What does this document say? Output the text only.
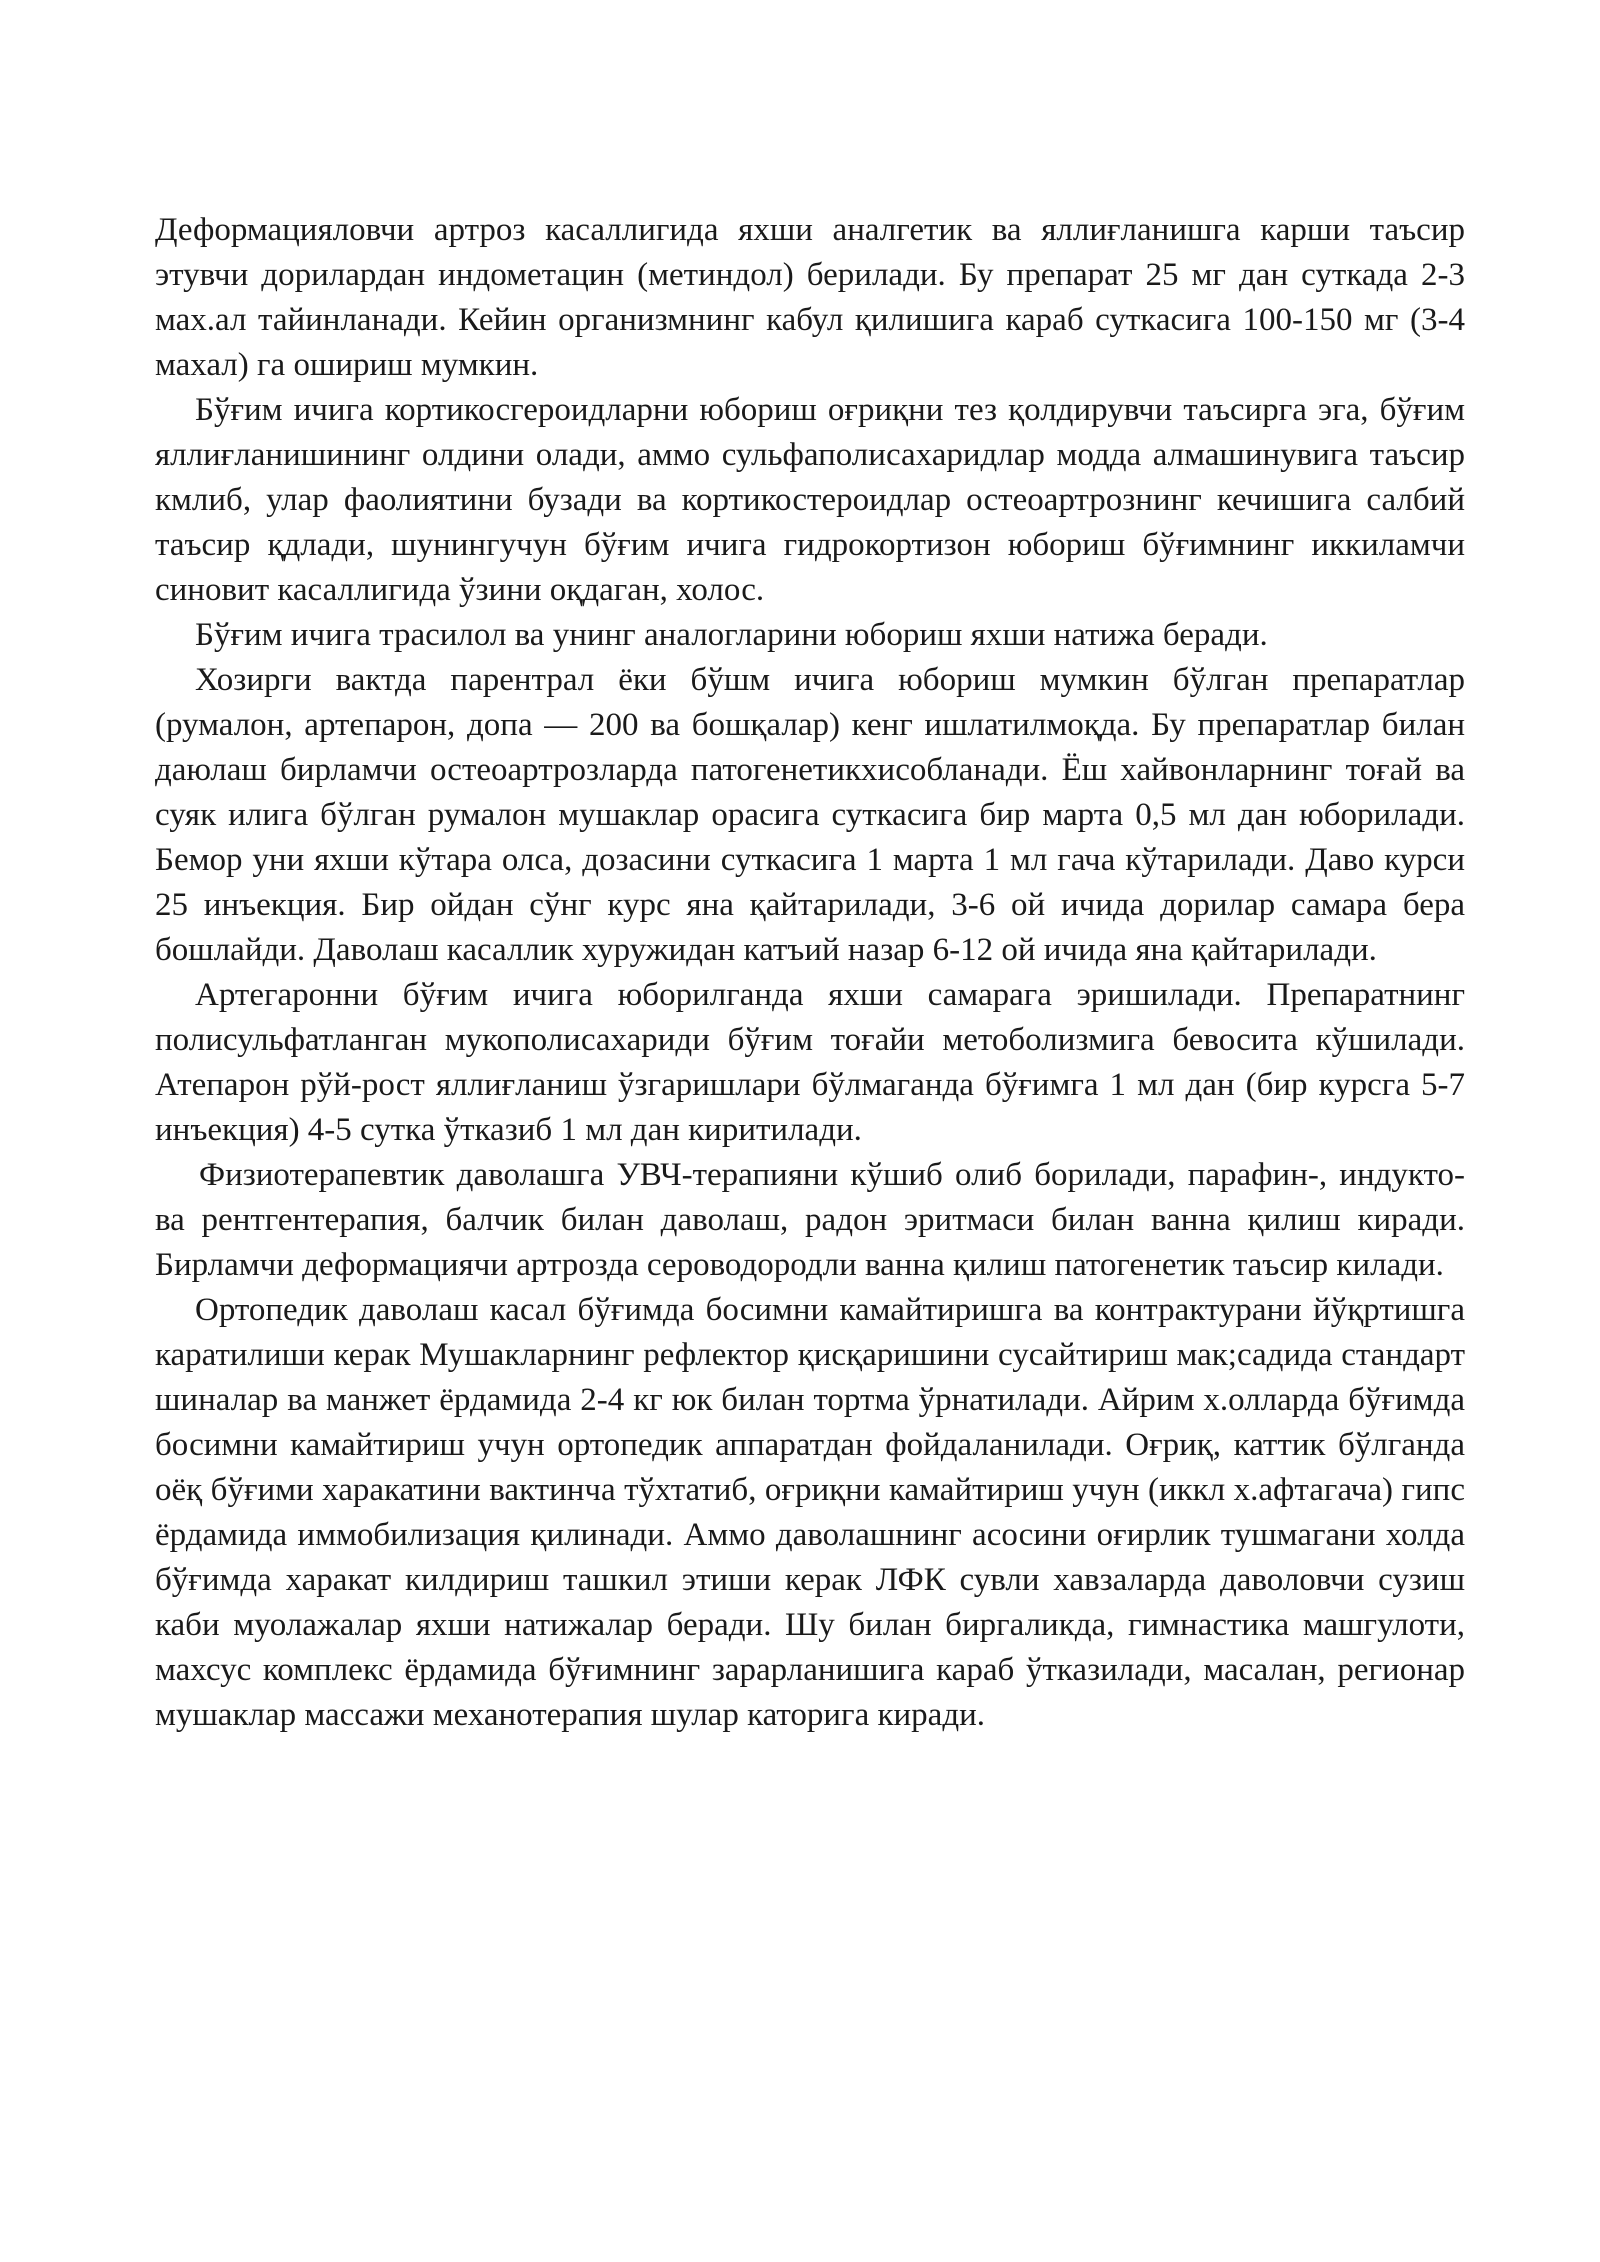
Деформацияловчи артроз касаллигида яхши аналгетик ва яллиғланишга карши таъсир этувчи дорилардан индометацин (метиндол) берилади. Бу препарат 25 мг дан суткада 2-3 мах.ал тайинланади. Кейин организмнинг кабул қилишига караб суткасига 100-150 мг (3-4 махал) га ошириш мумкин.

Бўғим ичига кортикосгероидларни юбориш оғриқни тез қолдирувчи таъсирга эга, бўғим яллиғланишининг олдини олади, аммо сульфаполисахаридлар модда алмашинувига таъсир кмлиб, улар фаолиятини бузади ва кортикостероидлар остеоартрознинг кечишига салбий таъсир қдлади, шунингучун бўғим ичига гидрокортизон юбориш бўғимнинг иккиламчи синовит касаллигида ўзини оқдаган, холос.

Бўғим ичига трасилол ва унинг аналогларини юбориш яхши натижа беради.

Хозирги вактда парентрал ёки бўшм ичига юбориш мумкин бўлган препаратлар (румалон, артепарон, допа — 200 ва бошқалар) кенг ишлатилмоқда. Бу препаратлар билан даюлаш бирламчи остеоартрозларда патогенетикхисобланади. Ёш хайвонларнинг тоғай ва суяк илига бўлган румалон мушаклар орасига суткасига бир марта 0,5 мл дан юборилади. Бемор уни яхши кўтара олса, дозасини суткасига 1 марта 1 мл гача кўтарилади. Даво курси 25 инъекция. Бир ойдан сўнг курс яна қайтарилади, 3-6 ой ичида дорилар самара бера бошлайди. Даволаш касаллик хуружидан катъий назар 6-12 ой ичида яна қайтарилади.

Артегаронни бўғим ичига юборилганда яхши самарага эришилади. Препаратнинг полисульфатланган мукополисахариди бўғим тоғайи метоболизмига бевосита кўшилади. Атепарон рўй-рост яллиғланиш ўзгаришлари бўлмаганда бўғимга 1 мл дан (бир курсга 5-7 инъекция) 4-5 сутка ўтказиб 1 мл дан киритилади.

Физиотерапевтик даволашга УВЧ-терапияни кўшиб олиб борилади, парафин-, индукто- ва рентгентерапия, балчик билан даволаш, радон эритмаси билан ванна қилиш киради. Бирламчи деформациячи артрозда сероводородли ванна қилиш патогенетик таъсир килади.

Ортопедик даволаш касал бўғимда босимни камайтиришга ва контрактурани йўқртишга каратилиши керак Мушакларнинг рефлектор қисқаришини сусайтириш мак;садида стандарт шиналар ва манжет ёрдамида 2-4 кг юк билан тортма ўрнатилади. Айрим х.олларда бўғимда босимни камайтириш учун ортопедик аппаратдан фойдаланилади. Оғриқ, каттик бўлганда оёқ бўғими харакатини вактинча тўхтатиб, оғриқни камайтириш учун (иккл х.афтагача) гипс ёрдамида иммобилизация қилинади. Аммо даволашнинг асосини оғирлик тушмагани холда бўғимда харакат килдириш ташкил этиши керак ЛФК сувли хавзаларда даволовчи сузиш каби муолажалар яхши натижалар беради. Шу билан биргаликда, гимнастика машгулоти, махсус комплекс ёрдамида бўғимнинг зарарланишига караб ўтказилади, масалан, регионар мушаклар массажи механотерапия шулар каторига киради.
